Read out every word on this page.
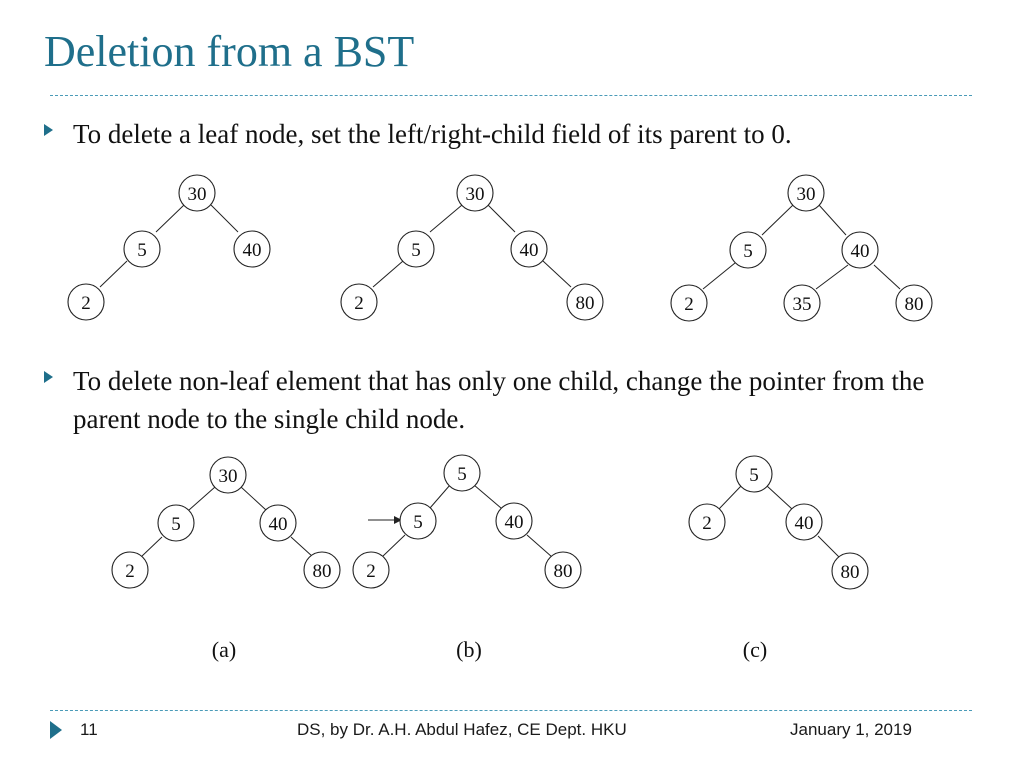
Deletion from a BST
To delete a leaf node, set the left/right-child field of its parent to 0.
To delete non-leaf element that has only one child, change the pointer from the parent node to the single child node.
30
5	40
2
30
5	40
2	80
30
5	40
2	35	80
30
5	40
2	80
5
5	40
2	80
5
2	40
80
(a)	(b)	(c)
11	DS, by Dr. A.H. Abdul Hafez, CE Dept. HKU	January 1, 2019
